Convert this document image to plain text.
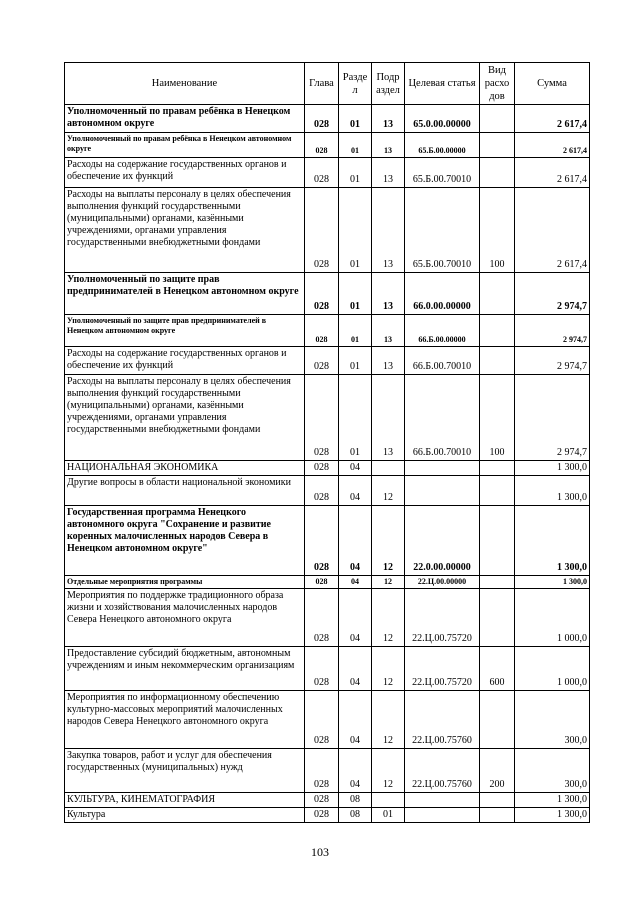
Наименование	Глава	Разде л	Подр аздел	Целевая статья	Вид расхо дов	Сумма
Уполномоченный по правам ребёнка в Ненецком автономном округе	028	01	13	65.0.00.00000		2 617,4
Уполномоченный по правам ребёнка в Ненецком автономном округе	028	01	13	65.Б.00.00000		2 617,4
Расходы на содержание государственных органов и обеспечение их функций	028	01	13	65.Б.00.70010		2 617,4
Расходы на выплаты персоналу в целях обеспечения выполнения функций государственными (муниципальными) органами, казёнными учреждениями, органами управления государственными внебюджетными фондами	028	01	13	65.Б.00.70010	100	2 617,4
Уполномоченный по защите прав предпринимателей в Ненецком автономном округе	028	01	13	66.0.00.00000		2 974,7
Уполномоченный по защите прав предпринимателей в Ненецком автономном округе	028	01	13	66.Б.00.00000		2 974,7
Расходы на содержание государственных органов и обеспечение их функций	028	01	13	66.Б.00.70010		2 974,7
Расходы на выплаты персоналу в целях обеспечения выполнения функций государственными (муниципальными) органами, казёнными учреждениями, органами управления государственными внебюджетными фондами	028	01	13	66.Б.00.70010	100	2 974,7
НАЦИОНАЛЬНАЯ ЭКОНОМИКА	028	04				1 300,0
Другие вопросы в области национальной экономики	028	04	12			1 300,0
Государственная программа Ненецкого автономного округа "Сохранение и развитие коренных малочисленных народов Севера в Ненецком автономном округе"	028	04	12	22.0.00.00000		1 300,0
Отдельные мероприятия программы	028	04	12	22.Ц.00.00000		1 300,0
Мероприятия по поддержке традиционного образа жизни и хозяйствования малочисленных народов Севера Ненецкого автономного округа	028	04	12	22.Ц.00.75720		1 000,0
Предоставление субсидий бюджетным, автономным учреждениям и иным некоммерческим организациям	028	04	12	22.Ц.00.75720	600	1 000,0
Мероприятия по информационному обеспечению культурно-массовых мероприятий малочисленных народов Севера Ненецкого автономного округа	028	04	12	22.Ц.00.75760		300,0
Закупка товаров, работ и услуг для обеспечения государственных (муниципальных) нужд	028	04	12	22.Ц.00.75760	200	300,0
КУЛЬТУРА, КИНЕМАТОГРАФИЯ	028	08				1 300,0
Культура	028	08	01			1 300,0
103
